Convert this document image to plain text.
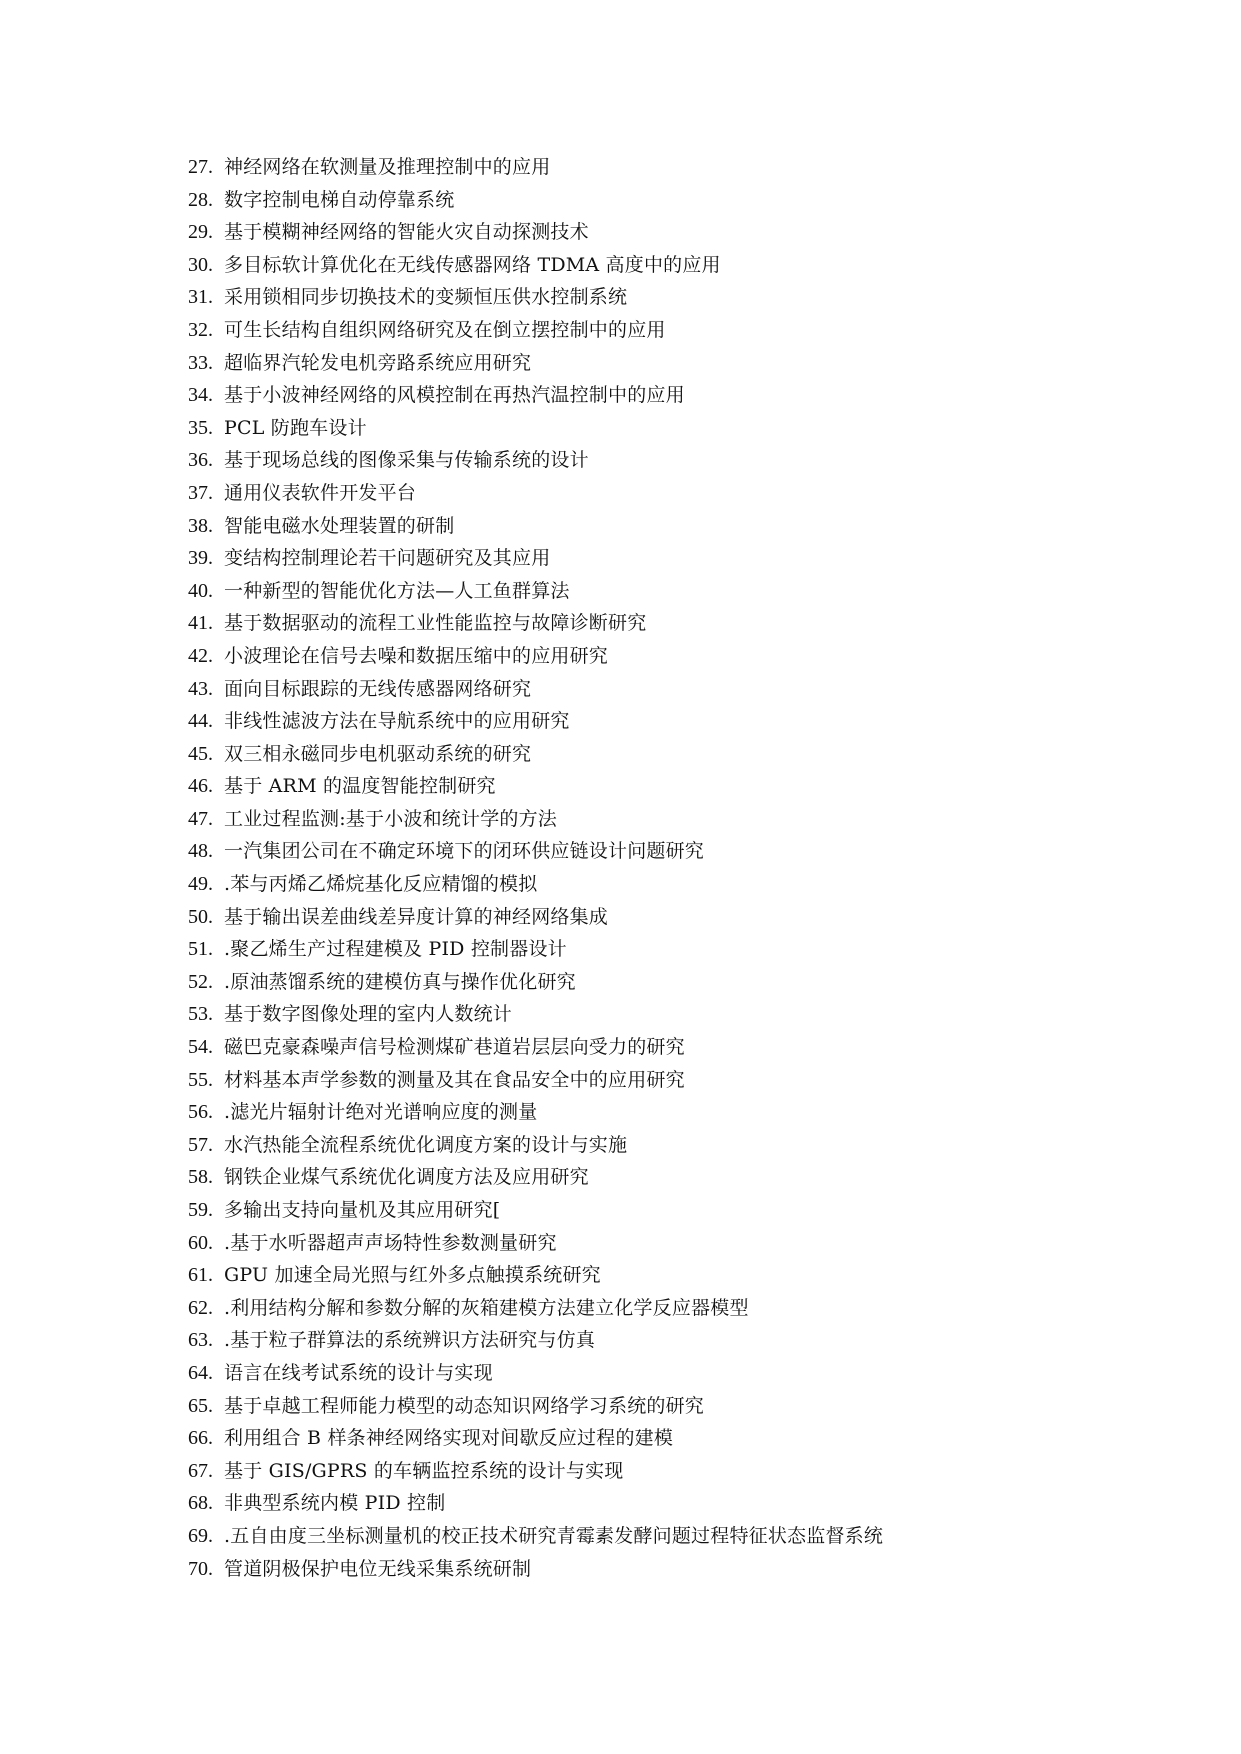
27. 神经网络在软测量及推理控制中的应用
28. 数字控制电梯自动停靠系统
29. 基于模糊神经网络的智能火灾自动探测技术
30. 多目标软计算优化在无线传感器网络 TDMA 高度中的应用
31. 采用锁相同步切换技术的变频恒压供水控制系统
32. 可生长结构自组织网络研究及在倒立摆控制中的应用
33. 超临界汽轮发电机旁路系统应用研究
34. 基于小波神经网络的风模控制在再热汽温控制中的应用
35. PCL 防跑车设计
36. 基于现场总线的图像采集与传输系统的设计
37. 通用仪表软件开发平台
38. 智能电磁水处理装置的研制
39. 变结构控制理论若干问题研究及其应用
40. 一种新型的智能优化方法—人工鱼群算法
41. 基于数据驱动的流程工业性能监控与故障诊断研究
42. 小波理论在信号去噪和数据压缩中的应用研究
43. 面向目标跟踪的无线传感器网络研究
44. 非线性滤波方法在导航系统中的应用研究
45. 双三相永磁同步电机驱动系统的研究
46. 基于 ARM 的温度智能控制研究
47. 工业过程监测:基于小波和统计学的方法
48. 一汽集团公司在不确定环境下的闭环供应链设计问题研究
49. .苯与丙烯乙烯烷基化反应精馏的模拟
50. 基于输出误差曲线差异度计算的神经网络集成
51. .聚乙烯生产过程建模及 PID 控制器设计
52. .原油蒸馏系统的建模仿真与操作优化研究
53. 基于数字图像处理的室内人数统计
54. 磁巴克豪森噪声信号检测煤矿巷道岩层层向受力的研究
55. 材料基本声学参数的测量及其在食品安全中的应用研究
56. .滤光片辐射计绝对光谱响应度的测量
57. 水汽热能全流程系统优化调度方案的设计与实施
58. 钢铁企业煤气系统优化调度方法及应用研究
59. 多输出支持向量机及其应用研究[
60. .基于水听器超声声场特性参数测量研究
61. GPU 加速全局光照与红外多点触摸系统研究
62. .利用结构分解和参数分解的灰箱建模方法建立化学反应器模型
63. .基于粒子群算法的系统辨识方法研究与仿真
64. 语言在线考试系统的设计与实现
65. 基于卓越工程师能力模型的动态知识网络学习系统的研究
66. 利用组合 B 样条神经网络实现对间歇反应过程的建模
67. 基于 GIS/GPRS 的车辆监控系统的设计与实现
68. 非典型系统内模 PID 控制
69. .五自由度三坐标测量机的校正技术研究青霉素发酵问题过程特征状态监督系统
70. 管道阴极保护电位无线采集系统研制
